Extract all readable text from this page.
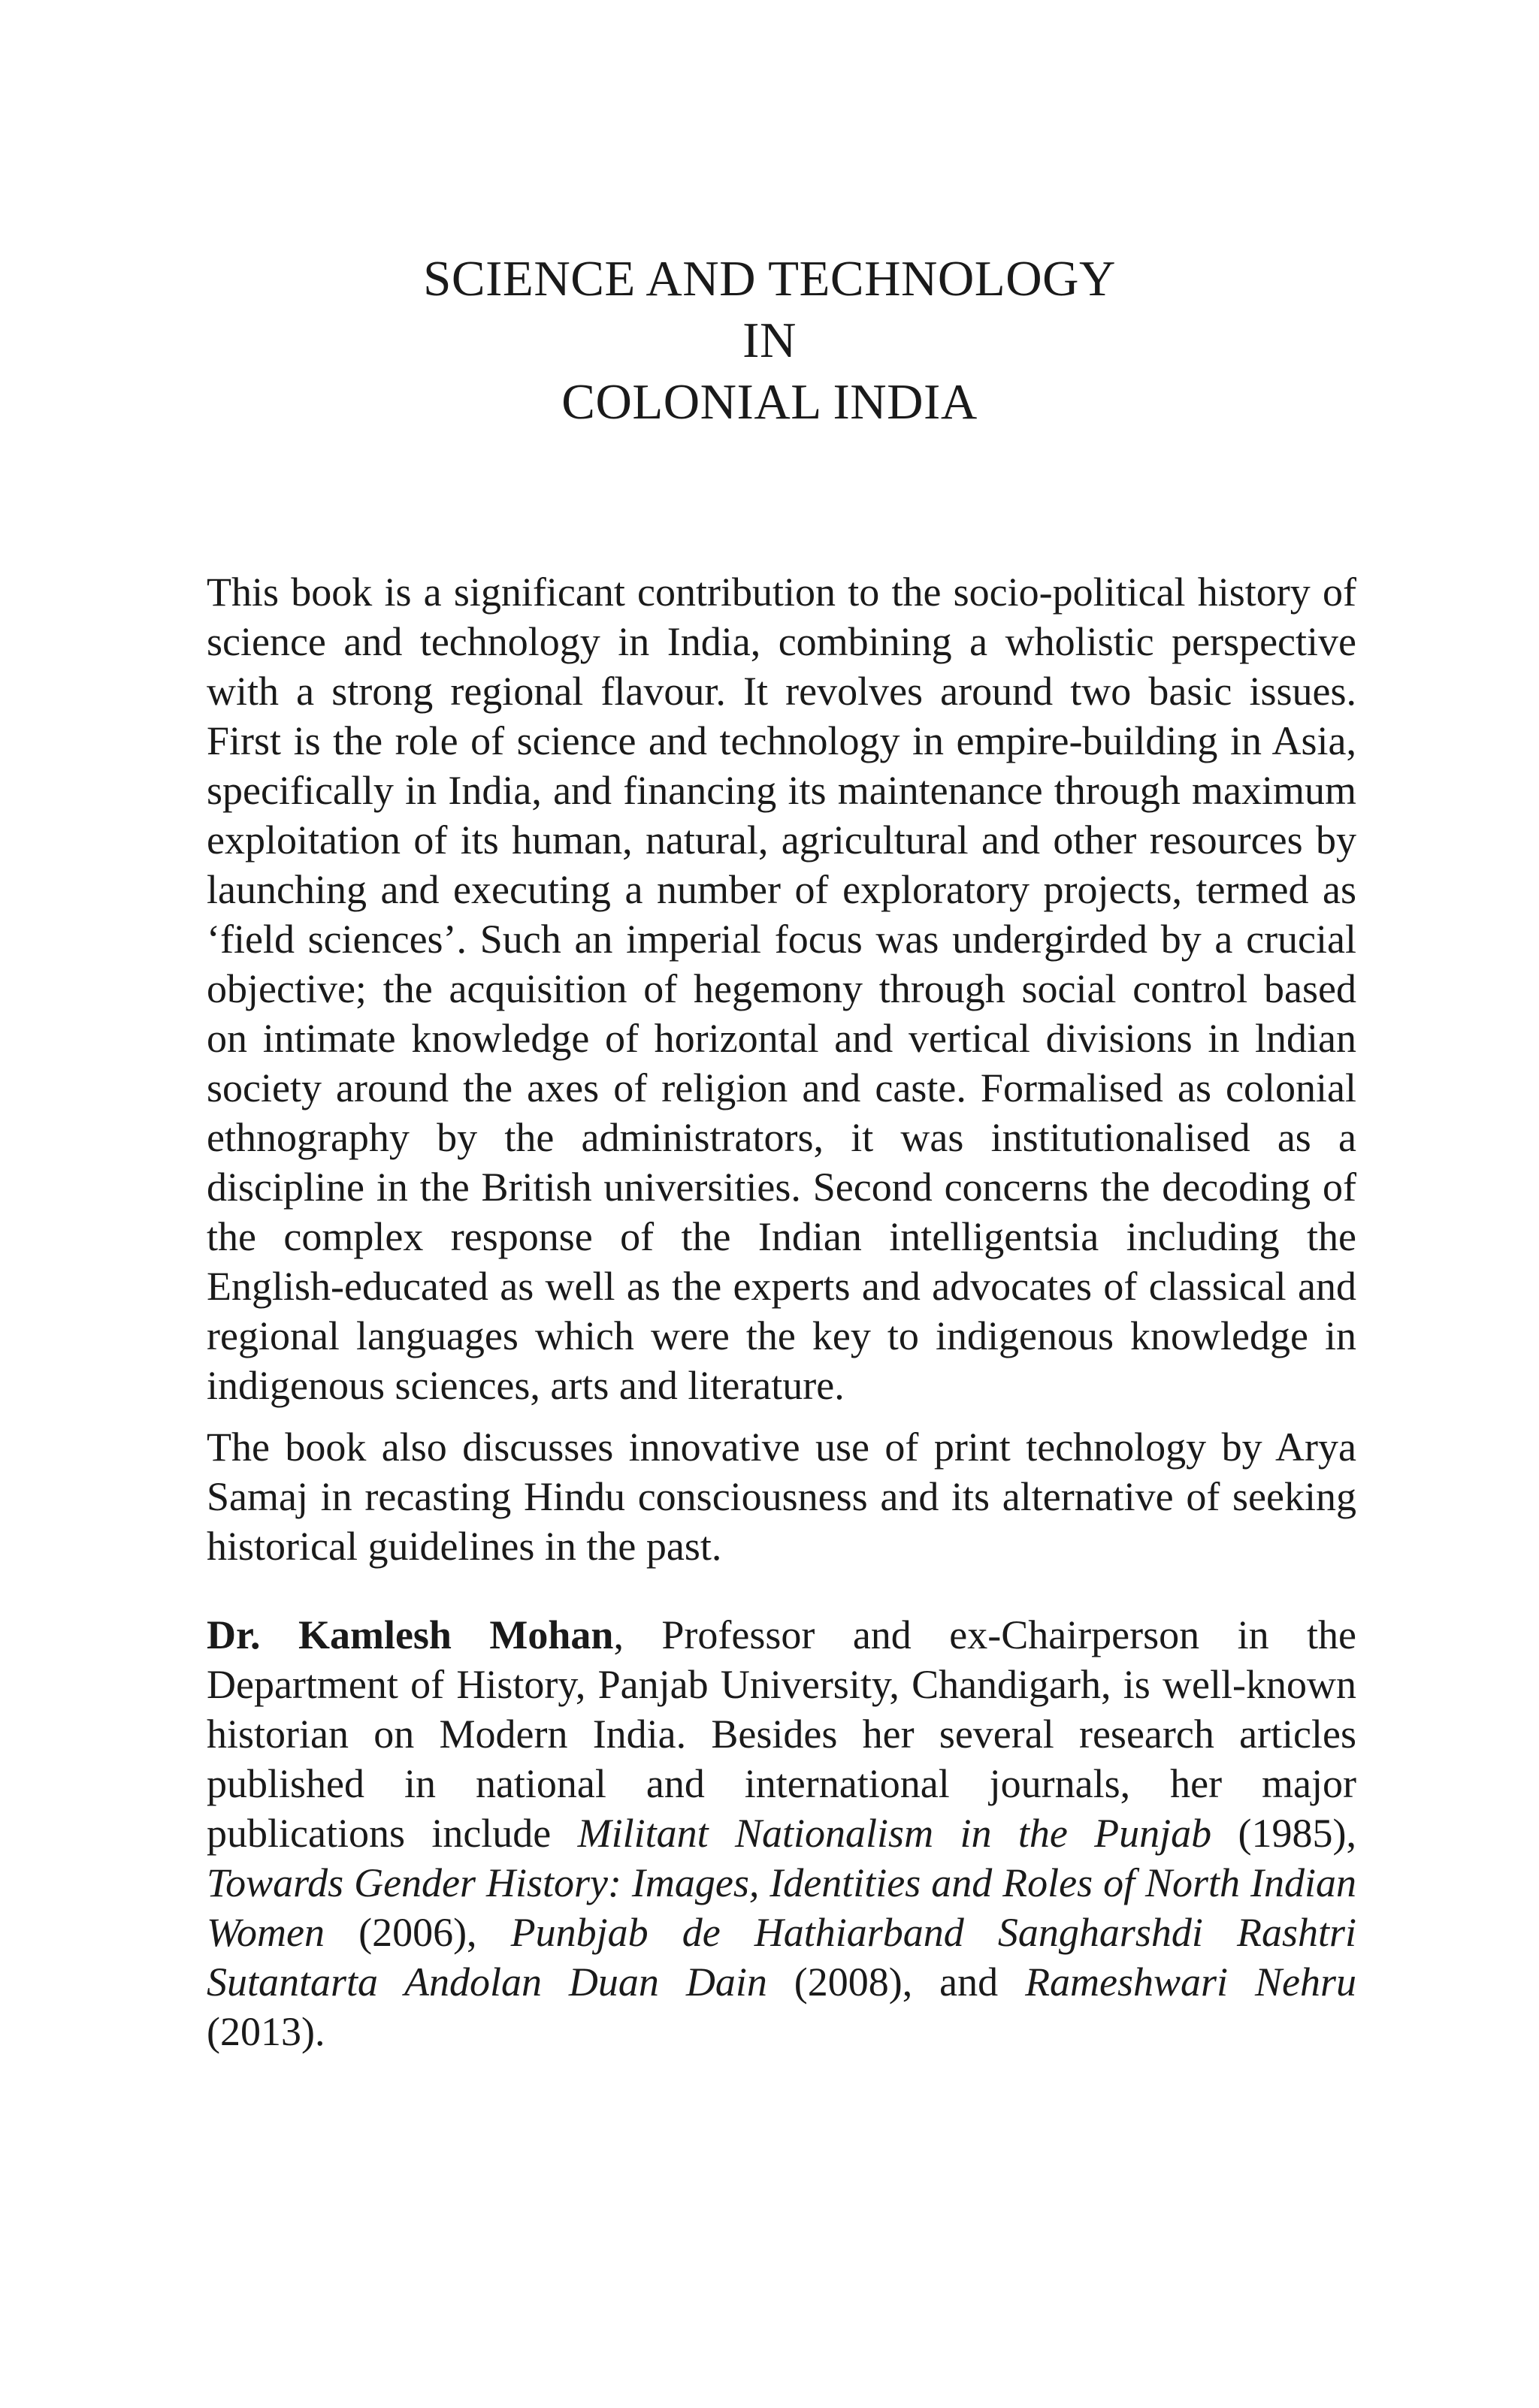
SCIENCE AND TECHNOLOGY
IN
COLONIAL INDIA

This book is a significant contribution to the socio-political history of science and technology in India, combining a wholistic perspective with a strong regional flavour. It revolves around two basic issues. First is the role of science and technology in empire-building in Asia, specifically in India, and financing its maintenance through maximum exploitation of its human, natural, agricultural and other resources by launching and executing a number of exploratory projects, termed as ‘field sciences’. Such an imperial focus was undergirded by a crucial objective; the acquisition of hegemony through social control based on intimate knowledge of horizontal and vertical divisions in lndian society around the axes of religion and caste. Formalised as colonial ethnography by the administrators, it was institutionalised as a discipline in the British universities. Second concerns the decoding of the complex response of the Indian intelligentsia including the English-educated as well as the experts and advocates of classical and regional languages which were the key to indigenous knowledge in indigenous sciences, arts and literature.

The book also discusses innovative use of print technology by Arya Samaj in recasting Hindu consciousness and its alternative of seeking historical guidelines in the past.

Dr. Kamlesh Mohan, Professor and ex-Chairperson in the Department of History, Panjab University, Chandigarh, is well-known historian on Modern India. Besides her several research articles published in national and international journals, her major publications include Militant Nationalism in the Punjab (1985), Towards Gender History: Images, Identities and Roles of North Indian Women (2006), Punbjab de Hathiarband Sangharshdi Rashtri Sutantarta Andolan Duan Dain (2008), and Rameshwari Nehru (2013).
